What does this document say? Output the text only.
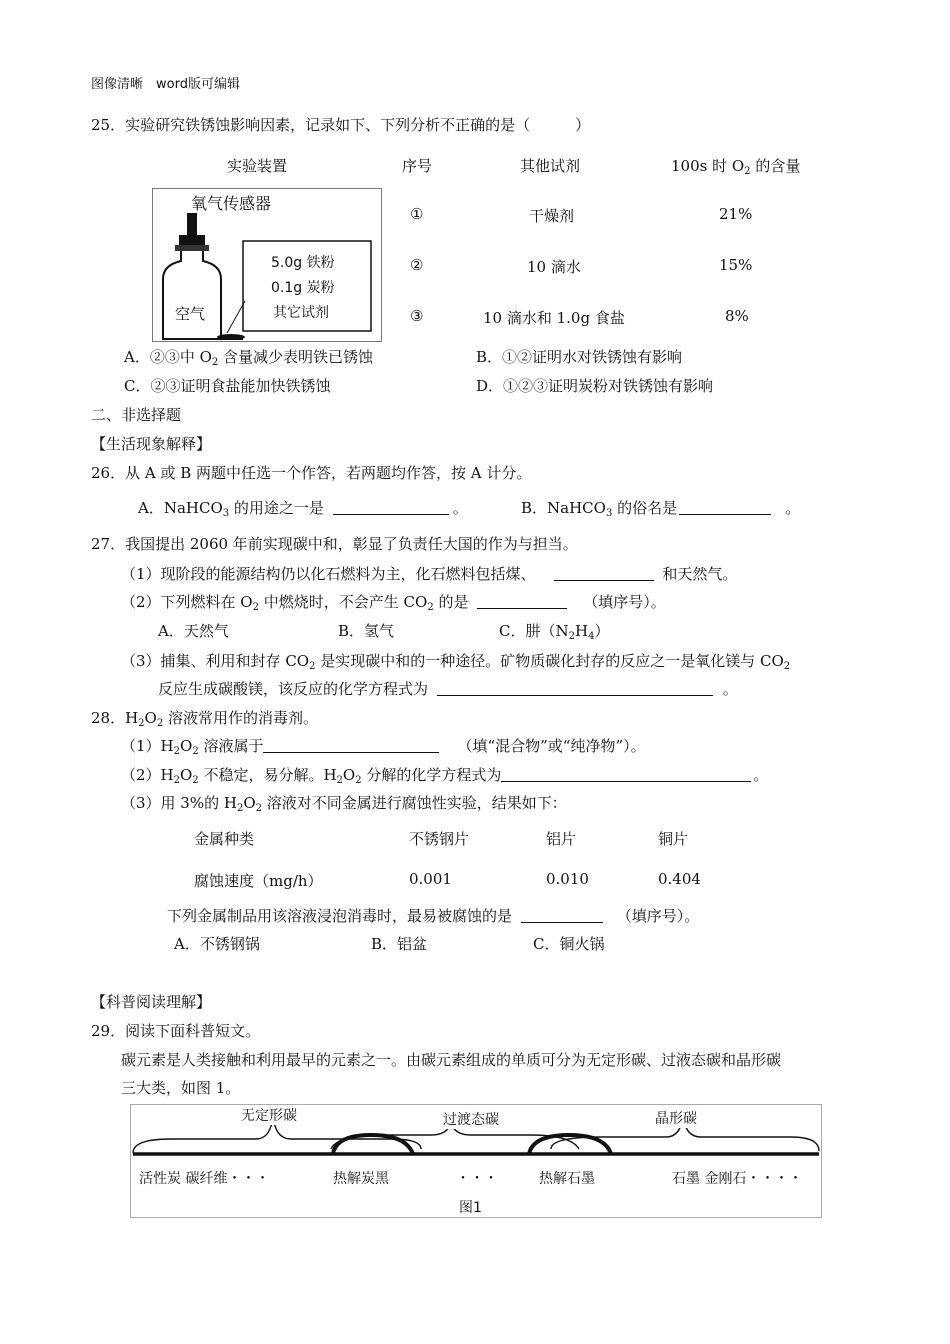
图像清晰　word版可编辑
25．实验研究铁锈蚀影响因素，记录如下、下列分析不正确的是（　　　）
实验装置	序号	其他试剂	100s 时 $O_2$ 的含量
氧气传感器
空气
5.0g 铁粉
0.1g 炭粉
其它试剂
①	干燥剂	21%
②	10 滴水	15%
③	10 滴水和 1.0g 食盐	8%
A．②③中 $O_2$ 含量减少表明铁已锈蚀	B．①②证明水对铁锈蚀有影响
C．②③证明食盐能加快铁锈蚀	D．①②③证明炭粉对铁锈蚀有影响
二、非选择题
【生活现象解释】
26．从 A 或 B 两题中任选一个作答，若两题均作答，按 A 计分。
A．NaHCO$_3$ 的用途之一是	。	B．NaHCO$_3$ 的俗名是	。
27．我国提出 2060 年前实现碳中和，彰显了负责任大国的作为与担当。
（1）现阶段的能源结构仍以化石燃料为主，化石燃料包括煤、	和天然气。
（2）下列燃料在 $O_2$ 中燃烧时，不会产生 $CO_2$ 的是	（填序号）。
A．天然气	B．氢气	C．肼$(N_2H_4)$
（3）捕集、利用和封存 $CO_2$ 是实现碳中和的一种途径。矿物质碳化封存的反应之一是氧化镁与 $CO_2$
反应生成碳酸镁，该反应的化学方程式为	。
28．$H_2O_2$ 溶液常用作的消毒剂。
$(1)H_2O_2$ 溶液属于	（填“混合物”或“纯净物”）。
$(2)H_2O_2$ 不稳定，易分解。$H_2O_2$ 分解的化学方程式为	。
（3）用 3%的 $H_2O_2$ 溶液对不同金属进行腐蚀性实验，结果如下：
金属种类	不锈钢片	铝片	铜片
腐蚀速度（mg/h）	0.001	0.010	0.404
下列金属制品用该溶液浸泡消毒时，最易被腐蚀的是	（填序号）。
A．不锈钢锅	B．铝盆	C．铜火锅
【科普阅读理解】
29．阅读下面科普短文。
碳元素是人类接触和利用最早的元素之一。由碳元素组成的单质可分为无定形碳、过液态碳和晶形碳
三大类，如图 1。
无定形碳	过渡态碳	晶形碳
活性炭 碳纤维・・・	热解炭黑	・・・	热解石墨	石墨 金刚石・・・・
图1
